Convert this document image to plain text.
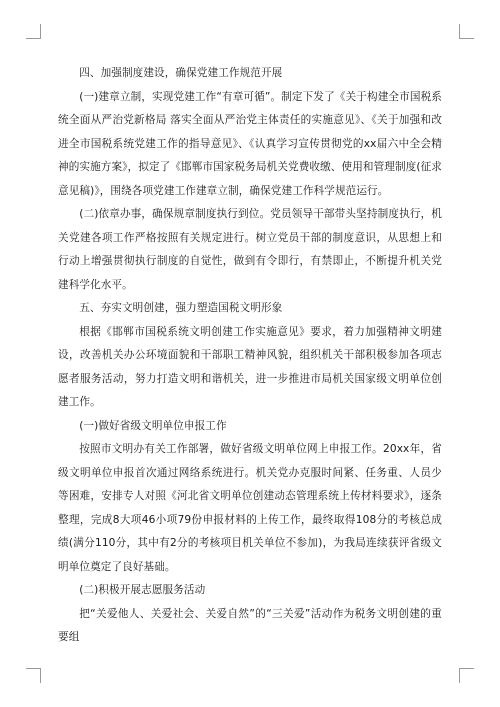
四、加强制度建设，确保党建工作规范开展

(一)建章立制，实现党建工作“有章可循”。制定下发了《关于构建全市国税系统全面从严治党新格局 落实全面从严治党主体责任的实施意见》、《关于加强和改进全市国税系统党建工作的指导意见》、《认真学习宣传贯彻党的xx届六中全会精神的实施方案》，拟定了《邯郸市国家税务局机关党费收缴、使用和管理制度(征求意见稿)》，围绕各项党建工作建章立制，确保党建工作科学规范运行。

(二)依章办事，确保规章制度执行到位。党员领导干部带头坚持制度执行，机关党建各项工作严格按照有关规定进行。树立党员干部的制度意识，从思想上和行动上增强贯彻执行制度的自觉性，做到有令即行，有禁即止，不断提升机关党建科学化水平。

五、夯实文明创建，强力塑造国税文明形象

根据《邯郸市国税系统文明创建工作实施意见》要求，着力加强精神文明建设，改善机关办公环境面貌和干部职工精神风貌，组织机关干部积极参加各项志愿者服务活动，努力打造文明和谐机关，进一步推进市局机关国家级文明单位创建工作。

(一)做好省级文明单位申报工作

按照市文明办有关工作部署，做好省级文明单位网上申报工作。20xx年，省级文明单位申报首次通过网络系统进行。机关党办克服时间紧、任务重、人员少等困难，安排专人对照《河北省文明单位创建动态管理系统上传材料要求》，逐条整理，完成8大项46小项79份申报材料的上传工作，最终取得108分的考核总成绩(满分110分，其中有2分的考核项目机关单位不参加)，为我局连续获评省级文明单位奠定了良好基础。

(二)积极开展志愿服务活动

把“关爱他人、关爱社会、关爱自然”的“三关爱”活动作为税务文明创建的重要组
